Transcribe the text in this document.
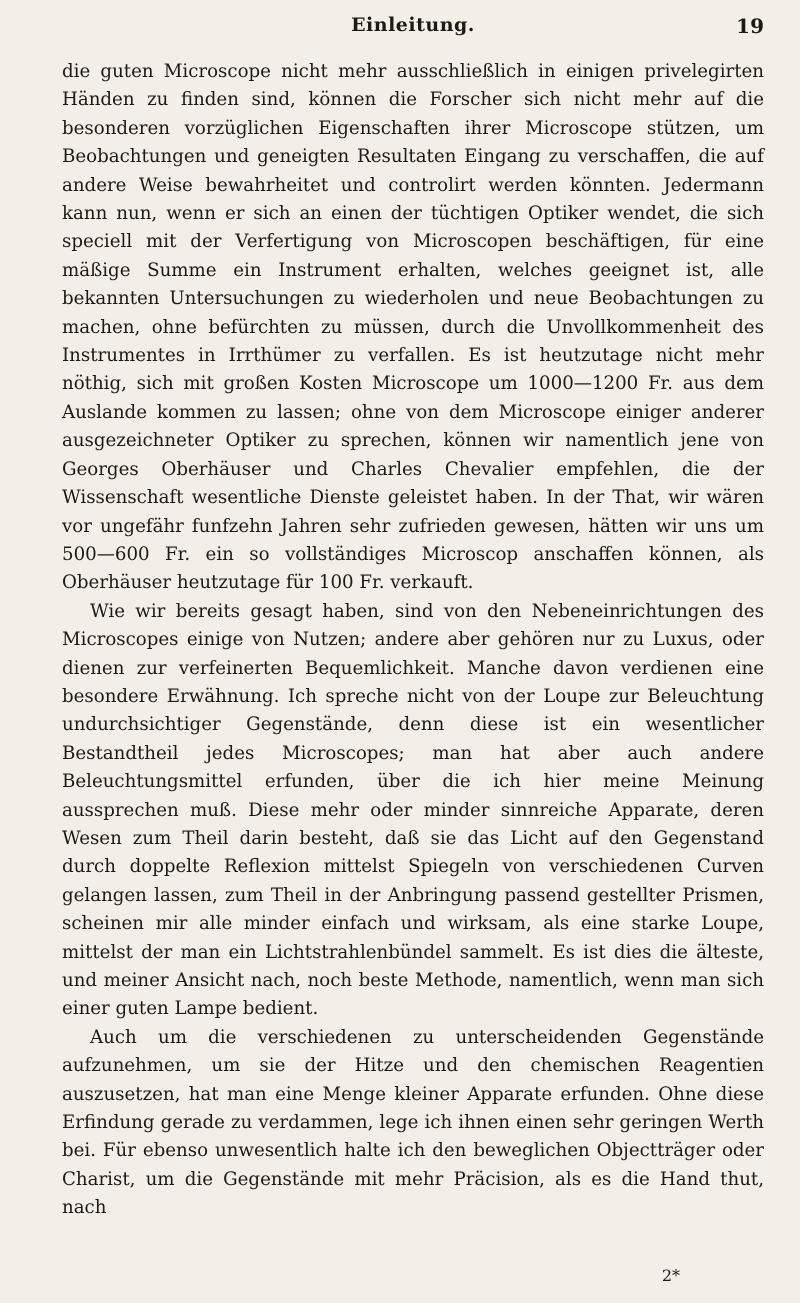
Einleitung.	19

die guten Microscope nicht mehr ausschließlich in einigen privelegirten Händen zu finden sind, können die Forscher sich nicht mehr auf die besonderen vorzüglichen Eigenschaften ihrer Microscope stützen, um Beobachtungen und geneigten Resultaten Eingang zu verschaffen, die auf andere Weise bewahrheitet und controlirt werden könnten. Jedermann kann nun, wenn er sich an einen der tüchtigen Optiker wendet, die sich speciell mit der Verfertigung von Microscopen beschäftigen, für eine mäßige Summe ein Instrument erhalten, welches geeignet ist, alle bekannten Untersuchungen zu wiederholen und neue Beobachtungen zu machen, ohne befürchten zu müssen, durch die Unvollkommenheit des Instrumentes in Irrthümer zu verfallen. Es ist heutzutage nicht mehr nöthig, sich mit großen Kosten Microscope um 1000—1200 Fr. aus dem Auslande kommen zu lassen; ohne von dem Microscope einiger anderer ausgezeichneter Optiker zu sprechen, können wir namentlich jene von Georges Oberhäuser und Charles Chevalier empfehlen, die der Wissenschaft wesentliche Dienste geleistet haben. In der That, wir wären vor ungefähr funfzehn Jahren sehr zufrieden gewesen, hätten wir uns um 500—600 Fr. ein so vollständiges Microscop anschaffen können, als Oberhäuser heutzutage für 100 Fr. verkauft.

Wie wir bereits gesagt haben, sind von den Nebeneinrichtungen des Microscopes einige von Nutzen; andere aber gehören nur zu Luxus, oder dienen zur verfeinerten Bequemlichkeit. Manche davon verdienen eine besondere Erwähnung. Ich spreche nicht von der Loupe zur Beleuchtung undurchsichtiger Gegenstände, denn diese ist ein wesentlicher Bestandtheil jedes Microscopes; man hat aber auch andere Beleuchtungsmittel erfunden, über die ich hier meine Meinung aussprechen muß. Diese mehr oder minder sinnreiche Apparate, deren Wesen zum Theil darin besteht, daß sie das Licht auf den Gegenstand durch doppelte Reflexion mittelst Spiegeln von verschiedenen Curven gelangen lassen, zum Theil in der Anbringung passend gestellter Prismen, scheinen mir alle minder einfach und wirksam, als eine starke Loupe, mittelst der man ein Lichtstrahlenbündel sammelt. Es ist dies die älteste, und meiner Ansicht nach, noch beste Methode, namentlich, wenn man sich einer guten Lampe bedient.

Auch um die verschiedenen zu unterscheidenden Gegenstände aufzunehmen, um sie der Hitze und den chemischen Reagentien auszusetzen, hat man eine Menge kleiner Apparate erfunden. Ohne diese Erfindung gerade zu verdammen, lege ich ihnen einen sehr geringen Werth bei. Für ebenso unwesentlich halte ich den beweglichen Objectträger oder Charist, um die Gegenstände mit mehr Präcision, als es die Hand thut, nach

2*
